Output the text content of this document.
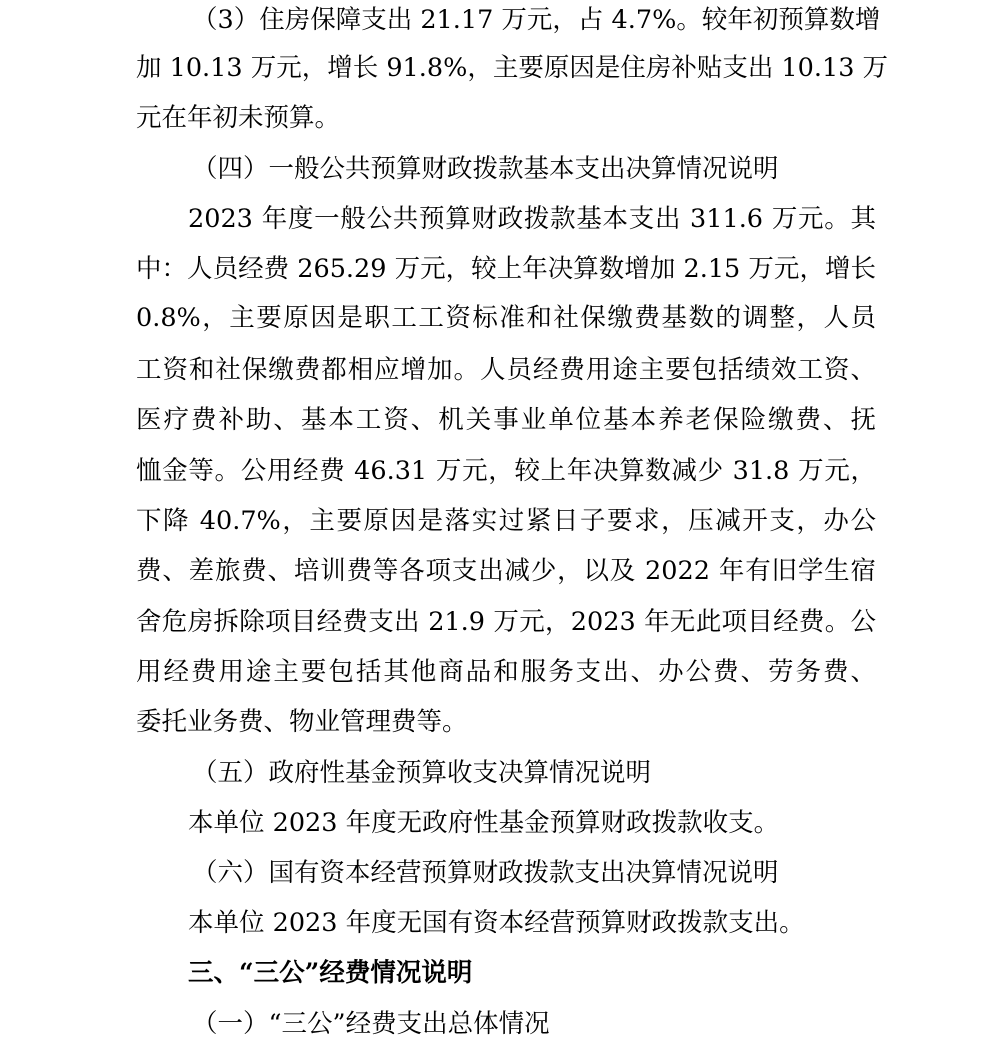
（3）住房保障支出 21.17 万元，占 4.7%。较年初预算数增
加 10.13 万元，增长 91.8%，主要原因是住房补贴支出 10.13 万
元在年初未预算。
（四）一般公共预算财政拨款基本支出决算情况说明
2023 年度一般公共预算财政拨款基本支出 311.6 万元。其
中：人员经费 265.29 万元，较上年决算数增加 2.15 万元，增长
0.8%，主要原因是职工工资标准和社保缴费基数的调整，人员
工资和社保缴费都相应增加。人员经费用途主要包括绩效工资、
医疗费补助、基本工资、机关事业单位基本养老保险缴费、抚
恤金等。公用经费 46.31 万元，较上年决算数减少 31.8 万元，
下降 40.7%，主要原因是落实过紧日子要求，压减开支，办公
费、差旅费、培训费等各项支出减少，以及 2022 年有旧学生宿
舍危房拆除项目经费支出 21.9 万元，2023 年无此项目经费。公
用经费用途主要包括其他商品和服务支出、办公费、劳务费、
委托业务费、物业管理费等。
（五）政府性基金预算收支决算情况说明
本单位 2023 年度无政府性基金预算财政拨款收支。
（六）国有资本经营预算财政拨款支出决算情况说明
本单位 2023 年度无国有资本经营预算财政拨款支出。
三、“三公”经费情况说明
（一）“三公”经费支出总体情况
